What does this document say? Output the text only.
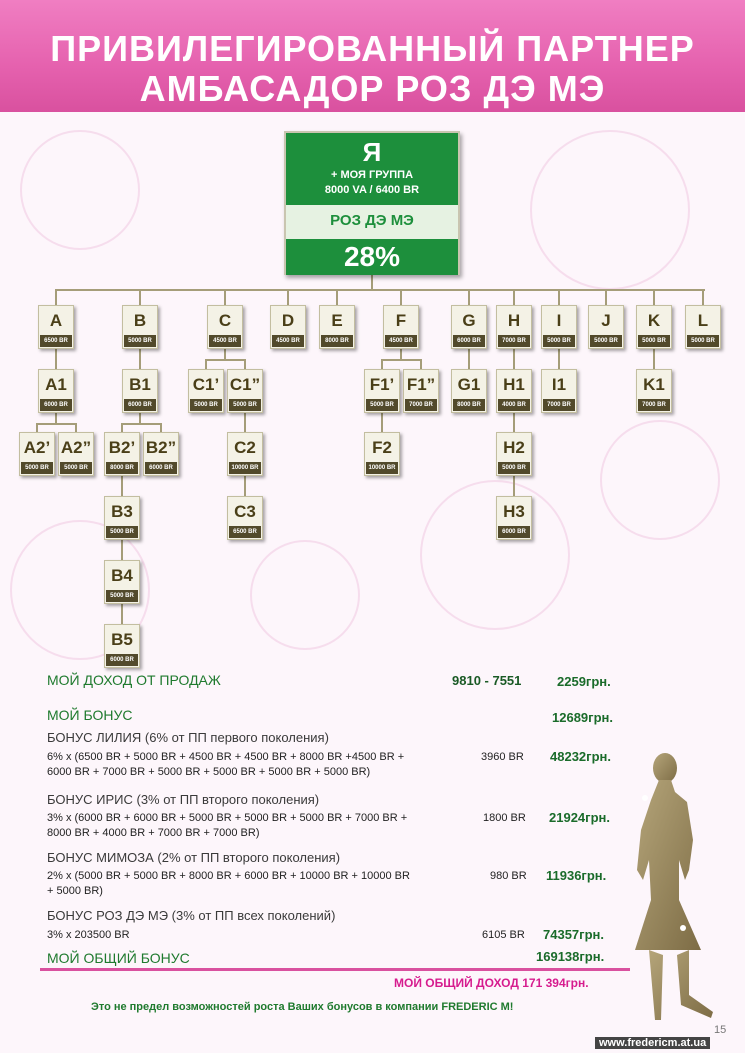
ПРИВИЛЕГИРОВАННЫЙ ПАРТНЕР
АМБАСАДОР РОЗ ДЭ МЭ
Я
+ МОЯ ГРУППА
8000 VA / 6400 BR
РОЗ ДЭ МЭ
28%
A
6500 BR
B
5000 BR
C
4500 BR
D
4500 BR
E
8000 BR
F
4500 BR
G
6000 BR
H
7000 BR
I
5000 BR
J
5000 BR
K
5000 BR
L
5000 BR
A1
6000 BR
B1
6000 BR
C1’
5000 BR
C1”
5000 BR
F1’
5000 BR
F1”
7000 BR
G1
8000 BR
H1
4000 BR
I1
7000 BR
K1
7000 BR
A2’
5000 BR
A2”
5000 BR
B2’
8000 BR
B2”
6000 BR
C2
10000 BR
F2
10000 BR
H2
5000 BR
B3
5000 BR
C3
6500 BR
H3
6000 BR
B4
5000 BR
B5
6000 BR
МОЙ ДОХОД ОТ ПРОДАЖ	9810 - 7551	2259грн.
МОЙ БОНУС	12689грн.
БОНУС ЛИЛИЯ (6% от ПП первого поколения)
6% x (6500 BR + 5000 BR + 4500 BR + 4500 BR + 8000 BR +4500 BR + 6000 BR + 7000 BR + 5000 BR + 5000 BR + 5000 BR + 5000 BR)
3960 BR 48232грн.
БОНУС ИРИС (3% от ПП второго поколения)
3% x (6000 BR + 6000 BR + 5000 BR + 5000 BR + 5000 BR + 7000 BR + 8000 BR + 4000 BR + 7000 BR + 7000 BR)
1800 BR 21924грн.
БОНУС МИМОЗА (2% от ПП второго поколения)
2% x (5000 BR + 5000 BR + 8000 BR + 6000 BR + 10000 BR + 10000 BR + 5000 BR)
980 BR 11936грн.
БОНУС РОЗ ДЭ МЭ (3% от ПП всех поколений)
3% x 203500 BR	6105 BR 74357грн.
МОЙ ОБЩИЙ БОНУС	169138грн.
МОЙ ОБЩИЙ ДОХОД 171 394грн.
Это не предел возможностей роста Ваших бонусов в компании FREDERIC M!
15
www.fredericm.at.ua
